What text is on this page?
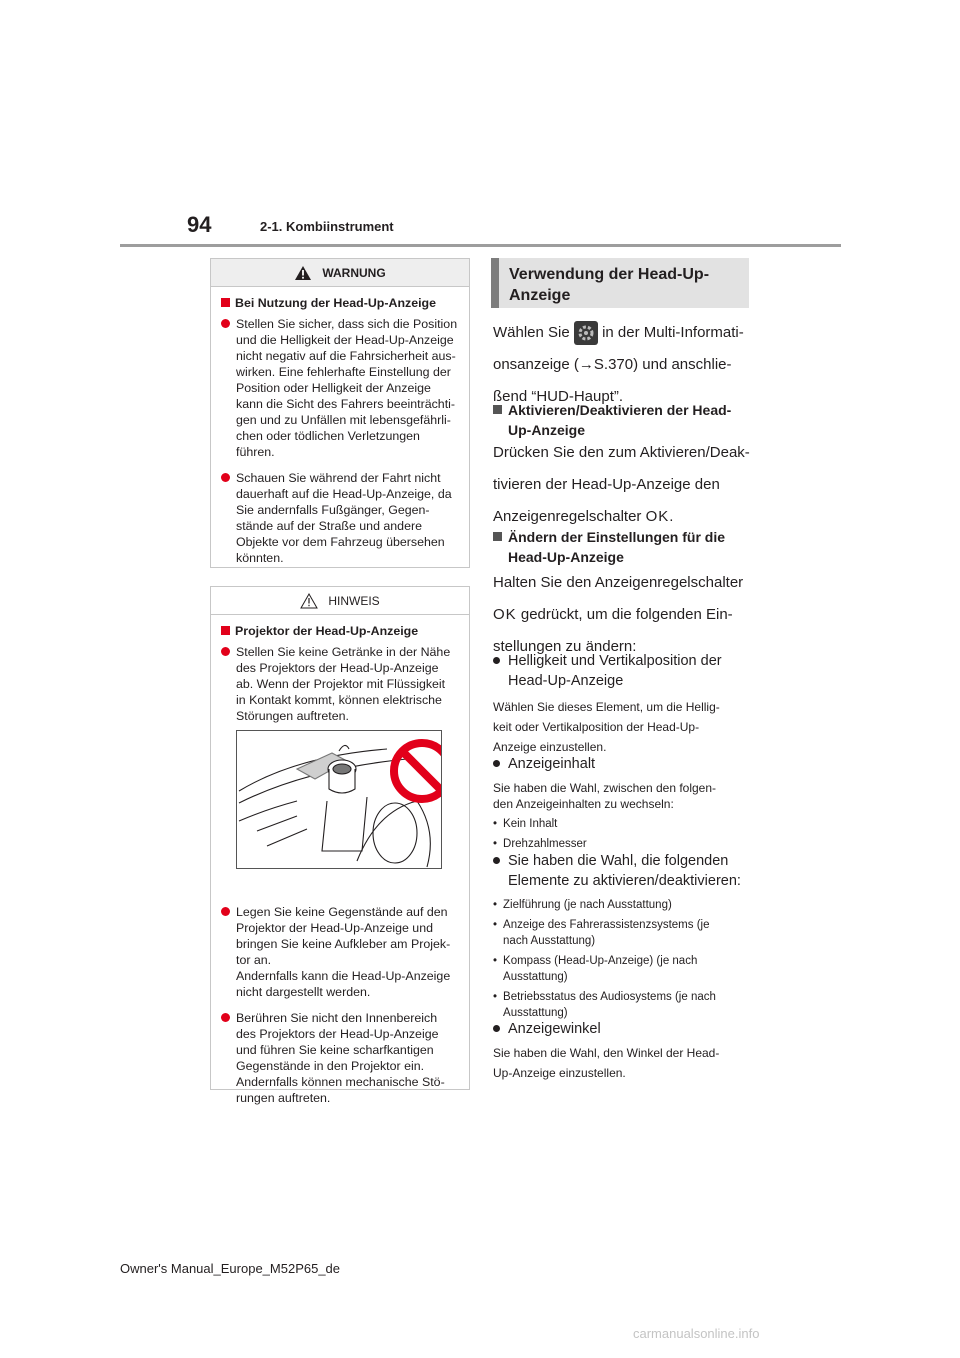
94	2-1. Kombiinstrument
WARNUNG
Bei Nutzung der Head-Up-Anzeige
Stellen Sie sicher, dass sich die Position
und die Helligkeit der Head-Up-Anzeige
nicht negativ auf die Fahrsicherheit aus-
wirken. Eine fehlerhafte Einstellung der
Position oder Helligkeit der Anzeige
kann die Sicht des Fahrers beeinträchti-
gen und zu Unfällen mit lebensgefährli-
chen oder tödlichen Verletzungen
führen.
Schauen Sie während der Fahrt nicht
dauerhaft auf die Head-Up-Anzeige, da
Sie andernfalls Fußgänger, Gegen-
stände auf der Straße und andere
Objekte vor dem Fahrzeug übersehen
könnten.
HINWEIS
Projektor der Head-Up-Anzeige
Stellen Sie keine Getränke in der Nähe
des Projektors der Head-Up-Anzeige
ab. Wenn der Projektor mit Flüssigkeit
in Kontakt kommt, können elektrische
Störungen auftreten.
Legen Sie keine Gegenstände auf den
Projektor der Head-Up-Anzeige und
bringen Sie keine Aufkleber am Projek-
tor an.
Andernfalls kann die Head-Up-Anzeige
nicht dargestellt werden.
Berühren Sie nicht den Innenbereich
des Projektors der Head-Up-Anzeige
und führen Sie keine scharfkantigen
Gegenstände in den Projektor ein.
Andernfalls können mechanische Stö-
rungen auftreten.
Verwendung der Head-Up-
Anzeige
Wählen Sie in der Multi-Informati-
onsanzeige (→S.370) und anschlie-
ßend “HUD-Haupt”.
Aktivieren/Deaktivieren der Head-
Up-Anzeige
Drücken Sie den zum Aktivieren/Deak-
tivieren der Head-Up-Anzeige den
Anzeigenregelschalter OK.
Ändern der Einstellungen für die
Head-Up-Anzeige
Halten Sie den Anzeigenregelschalter
OK gedrückt, um die folgenden Ein-
stellungen zu ändern:
Helligkeit und Vertikalposition der
Head-Up-Anzeige
Wählen Sie dieses Element, um die Hellig-
keit oder Vertikalposition der Head-Up-
Anzeige einzustellen.
Anzeigeinhalt
Sie haben die Wahl, zwischen den folgen-
den Anzeigeinhalten zu wechseln:
• Kein Inhalt
• Drehzahlmesser
Sie haben die Wahl, die folgenden
Elemente zu aktivieren/deaktivieren:
• Zielführung (je nach Ausstattung)
• Anzeige des Fahrerassistenzsystems (je
nach Ausstattung)
• Kompass (Head-Up-Anzeige) (je nach
Ausstattung)
• Betriebsstatus des Audiosystems (je nach
Ausstattung)
Anzeigewinkel
Sie haben die Wahl, den Winkel der Head-
Up-Anzeige einzustellen.
Owner's Manual_Europe_M52P65_de
carmanualsonline.info
